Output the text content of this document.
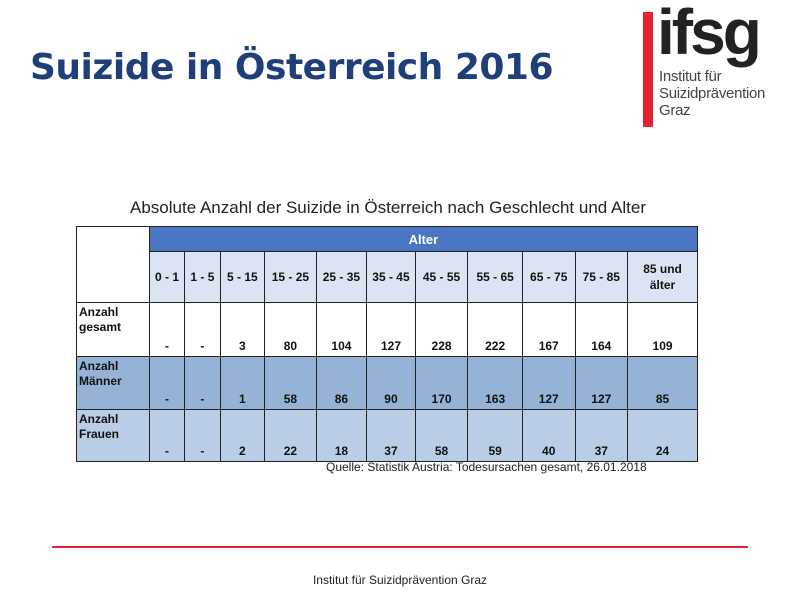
Suizide in Österreich 2016 ifsg
Institut für
Suizidprävention
Graz
Absolute Anzahl der Suizide in Österreich nach Geschlecht und Alter
	Alter										
	0 - 1	1 - 5	5 - 15	15 - 25	25 - 35	35 - 45	45 - 55	55 - 65	65 - 75	75 - 85	85 und älter

Anzahl
gesamt	-	-	3	80	104	127	228	222	167	164	109

Anzahl
Männer	-	-	1	58	86	90	170	163	127	127	85

Anzahl
Frauen	-	-	2	22	18	37	58	59	40	37	24
Quelle: Statistik Austria: Todesursachen gesamt, 26.01.2018
Institut für Suizidprävention Graz
